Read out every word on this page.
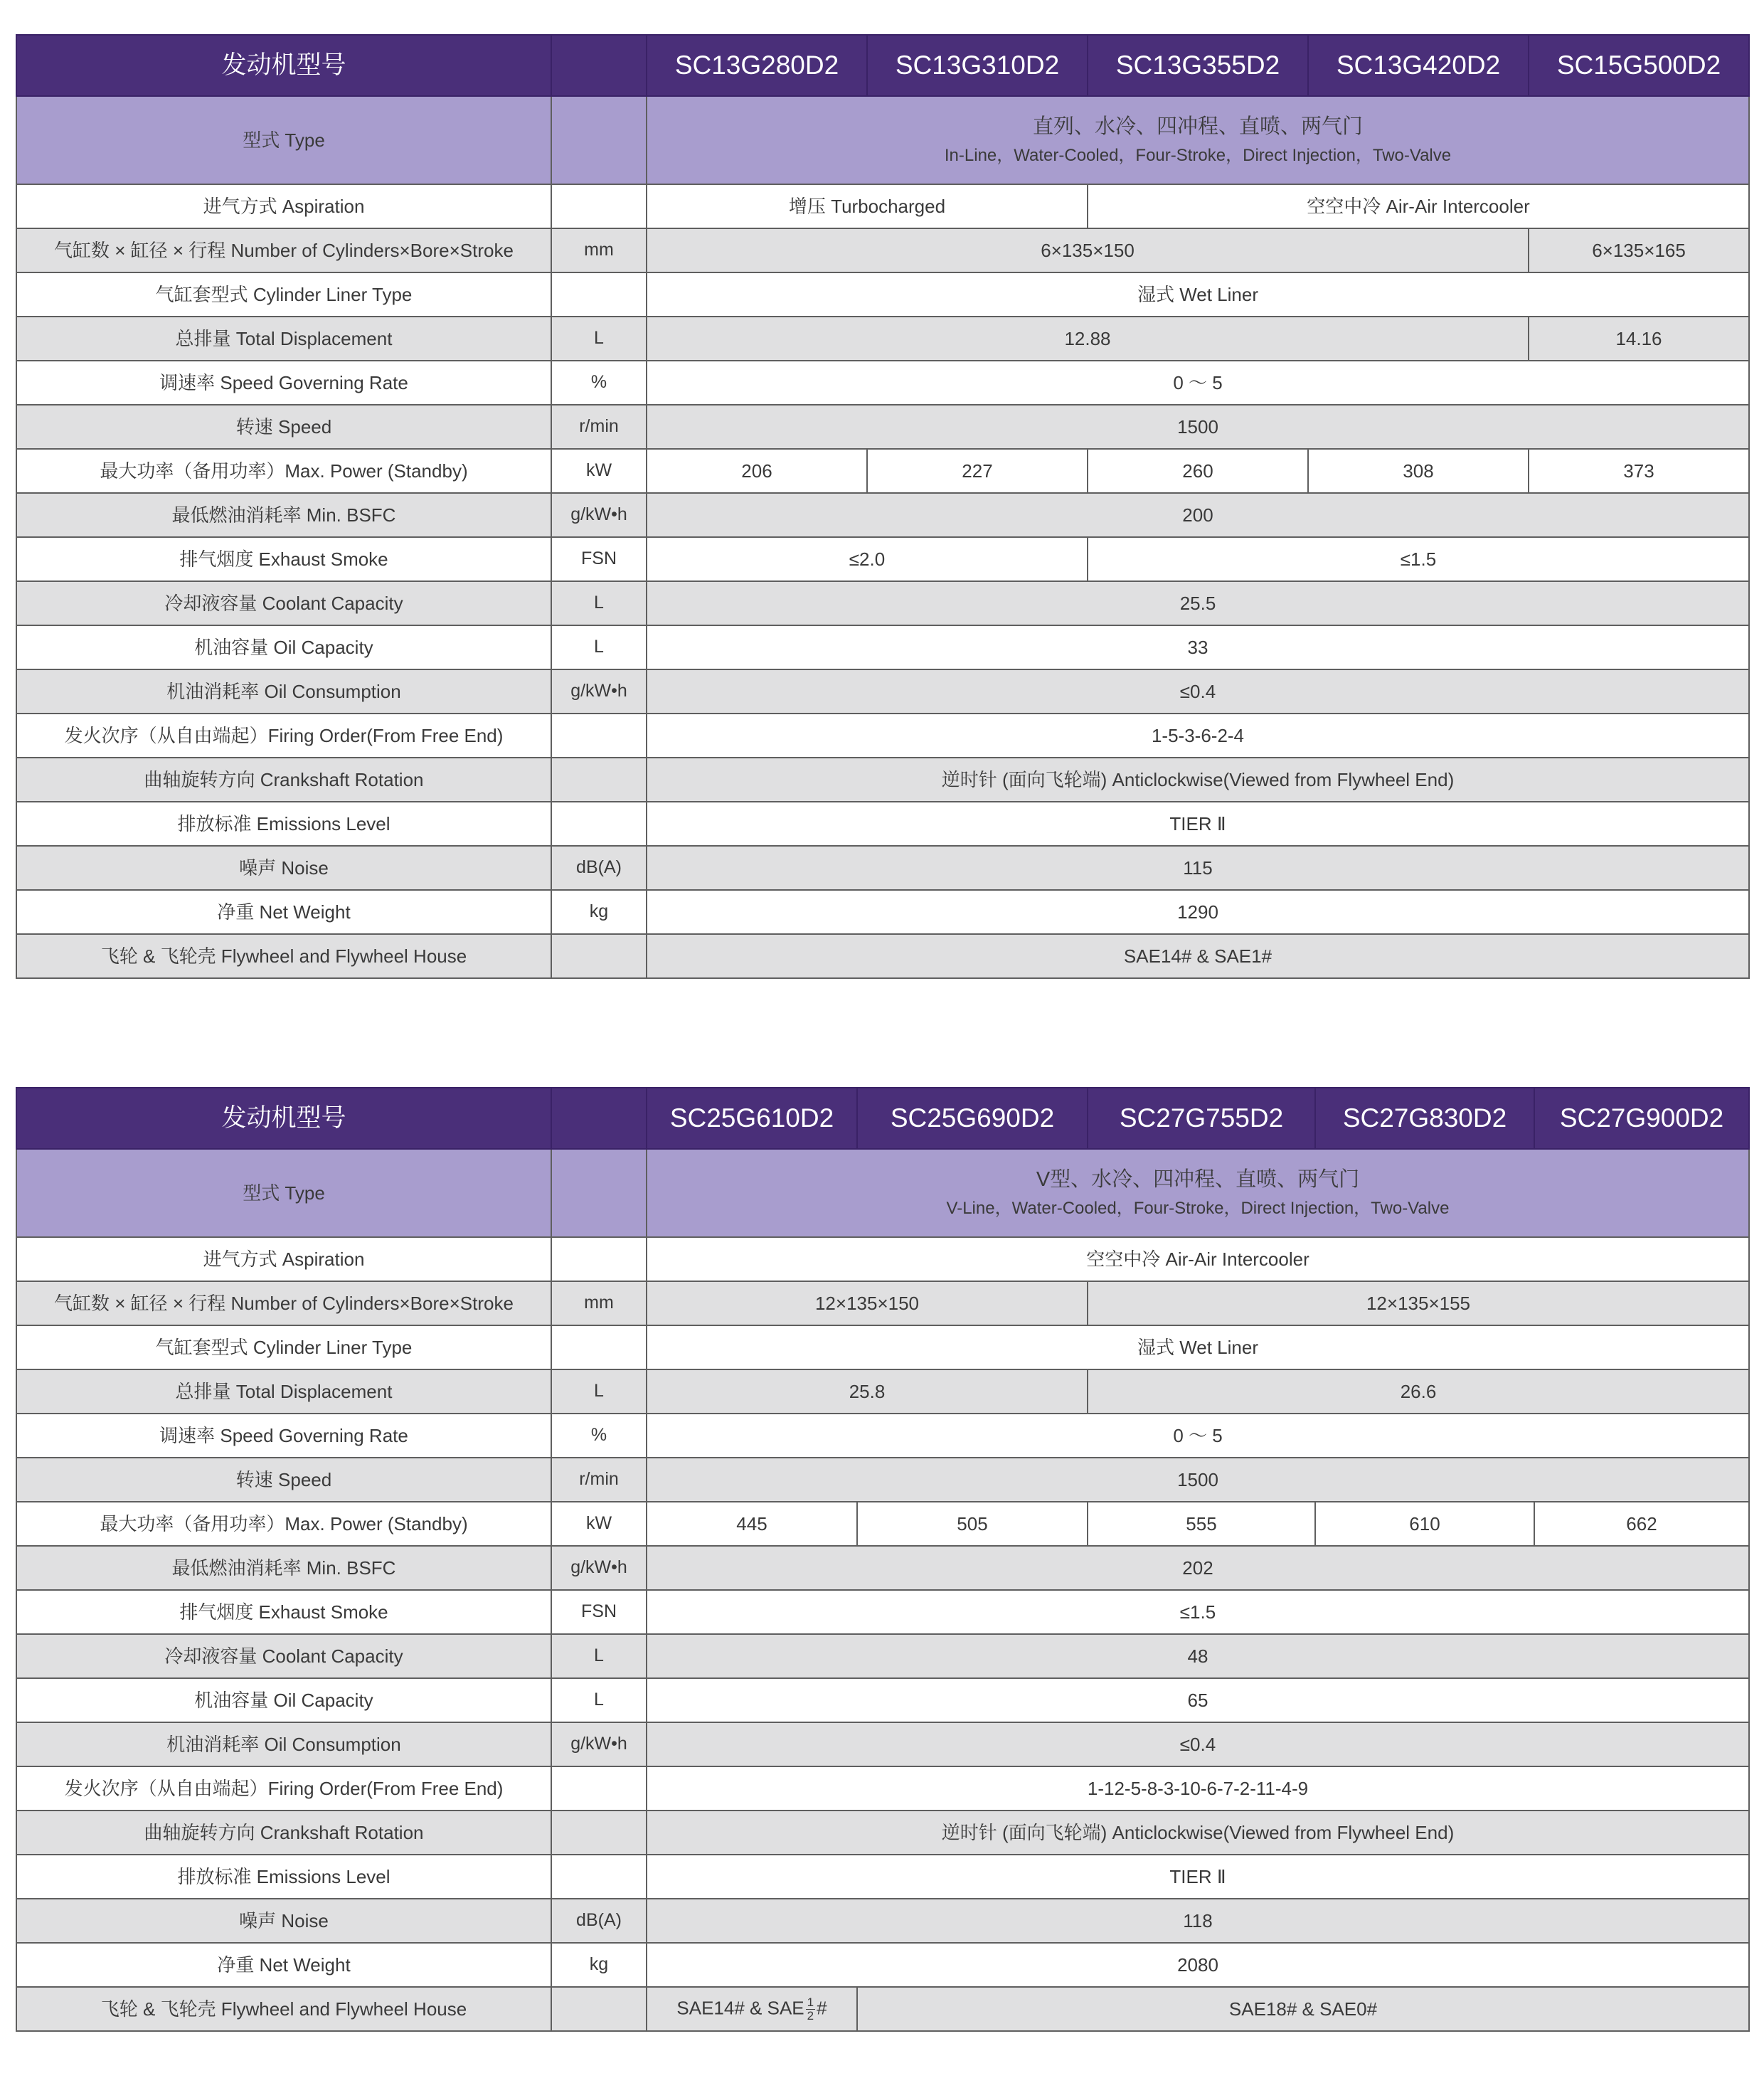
发动机型号		SC13G280D2	SC13G310D2	SC13G355D2	SC13G420D2	SC15G500D2
型式 Type		直列、水冷、四冲程、直喷、两气门
In-Line，Water-Cooled，Four-Stroke，Direct Injection，Two-Valve				

进气方式 Aspiration		增压 Turbocharged		空空中冷 Air-Air Intercooler		
气缸数 × 缸径 × 行程 Number of Cylinders×Bore×Stroke	mm	6×135×150				6×135×165
气缸套型式 Cylinder Liner Type		湿式 Wet Liner				
总排量 Total Displacement	L	12.88				14.16
调速率 Speed Governing Rate	%	0 ～ 5				
转速 Speed	r/min	1500				
最大功率（备用功率）Max. Power (Standby)	kW	206	227	260	308	373
最低燃油消耗率 Min. BSFC	g/kW•h	200				
排气烟度 Exhaust Smoke	FSN	≤2.0		≤1.5		
冷却液容量 Coolant Capacity	L	25.5				
机油容量 Oil Capacity	L	33				
机油消耗率 Oil Consumption	g/kW•h	≤0.4				
发火次序（从自由端起）Firing Order(From Free End)		1-5-3-6-2-4				
曲轴旋转方向 Crankshaft Rotation		逆时针 (面向飞轮端) Anticlockwise(Viewed from Flywheel End)				
排放标准 Emissions Level		TIER Ⅱ				
噪声 Noise	dB(A)	115				
净重 Net Weight	kg	1290				
飞轮 & 飞轮壳 Flywheel and Flywheel House		SAE14# & SAE1#				
发动机型号		SC25G610D2	SC25G690D2	SC27G755D2	SC27G830D2	SC27G900D2
型式 Type		V型、水冷、四冲程、直喷、两气门
V-Line，Water-Cooled，Four-Stroke，Direct Injection，Two-Valve				

进气方式 Aspiration		空空中冷 Air-Air Intercooler				
气缸数 × 缸径 × 行程 Number of Cylinders×Bore×Stroke	mm	12×135×150		12×135×155		
气缸套型式 Cylinder Liner Type		湿式 Wet Liner				
总排量 Total Displacement	L	25.8		26.6		
调速率 Speed Governing Rate	%	0 ～ 5				
转速 Speed	r/min	1500				
最大功率（备用功率）Max. Power (Standby)	kW	445	505	555	610	662
最低燃油消耗率 Min. BSFC	g/kW•h	202				
排气烟度 Exhaust Smoke	FSN	≤1.5				
冷却液容量 Coolant Capacity	L	48				
机油容量 Oil Capacity	L	65				
机油消耗率 Oil Consumption	g/kW•h	≤0.4				
发火次序（从自由端起）Firing Order(From Free End)		1-12-5-8-3-10-6-7-2-11-4-9				
曲轴旋转方向 Crankshaft Rotation		逆时针 (面向飞轮端) Anticlockwise(Viewed from Flywheel End)				
排放标准 Emissions Level		TIER Ⅱ				
噪声 Noise	dB(A)	118				
净重 Net Weight	kg	2080				
飞轮 & 飞轮壳 Flywheel and Flywheel House		SAE14# & SAE $\frac{1}{2}$ #	SAE18# & SAE0#			
